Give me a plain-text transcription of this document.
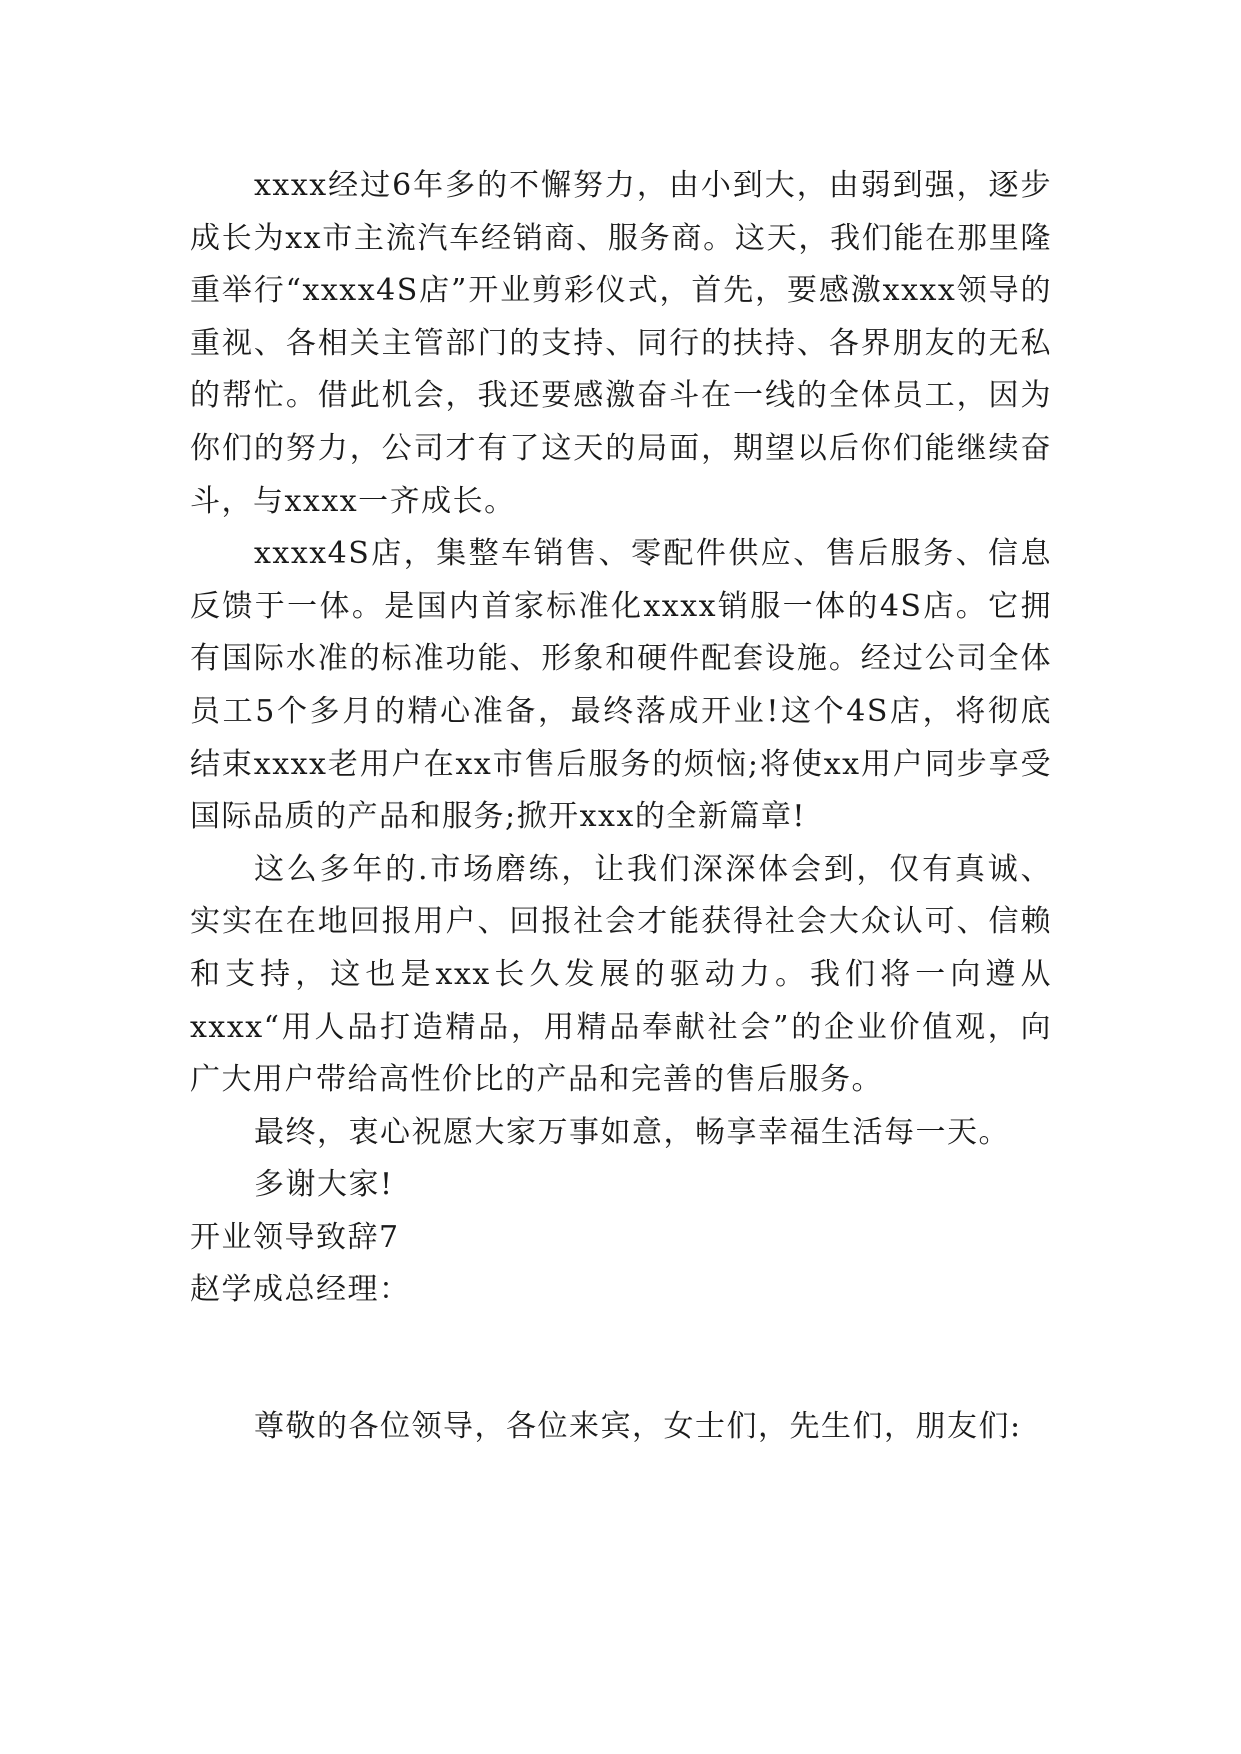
xxxx经过6年多的不懈努力，由小到大，由弱到强，逐步成长为xx市主流汽车经销商、服务商。这天，我们能在那里隆重举行“xxxx4S店”开业剪彩仪式，首先，要感激xxxx领导的重视、各相关主管部门的支持、同行的扶持、各界朋友的无私的帮忙。借此机会，我还要感激奋斗在一线的全体员工，因为你们的努力，公司才有了这天的局面，期望以后你们能继续奋斗，与xxxx一齐成长。

xxxx4S店，集整车销售、零配件供应、售后服务、信息反馈于一体。是国内首家标准化xxxx销服一体的4S店。它拥有国际水准的标准功能、形象和硬件配套设施。经过公司全体员工5个多月的精心准备，最终落成开业!这个4S店，将彻底结束xxxx老用户在xx市售后服务的烦恼;将使xx用户同步享受国际品质的产品和服务;掀开xxx的全新篇章!

这么多年的.市场磨练，让我们深深体会到，仅有真诚、实实在在地回报用户、回报社会才能获得社会大众认可、信赖和支持，这也是xxx长久发展的驱动力。我们将一向遵从xxxx“用人品打造精品，用精品奉献社会”的企业价值观，向广大用户带给高性价比的产品和完善的售后服务。

最终，衷心祝愿大家万事如意，畅享幸福生活每一天。

多谢大家!

开业领导致辞7

赵学成总经理：

尊敬的各位领导，各位来宾，女士们，先生们，朋友们:
